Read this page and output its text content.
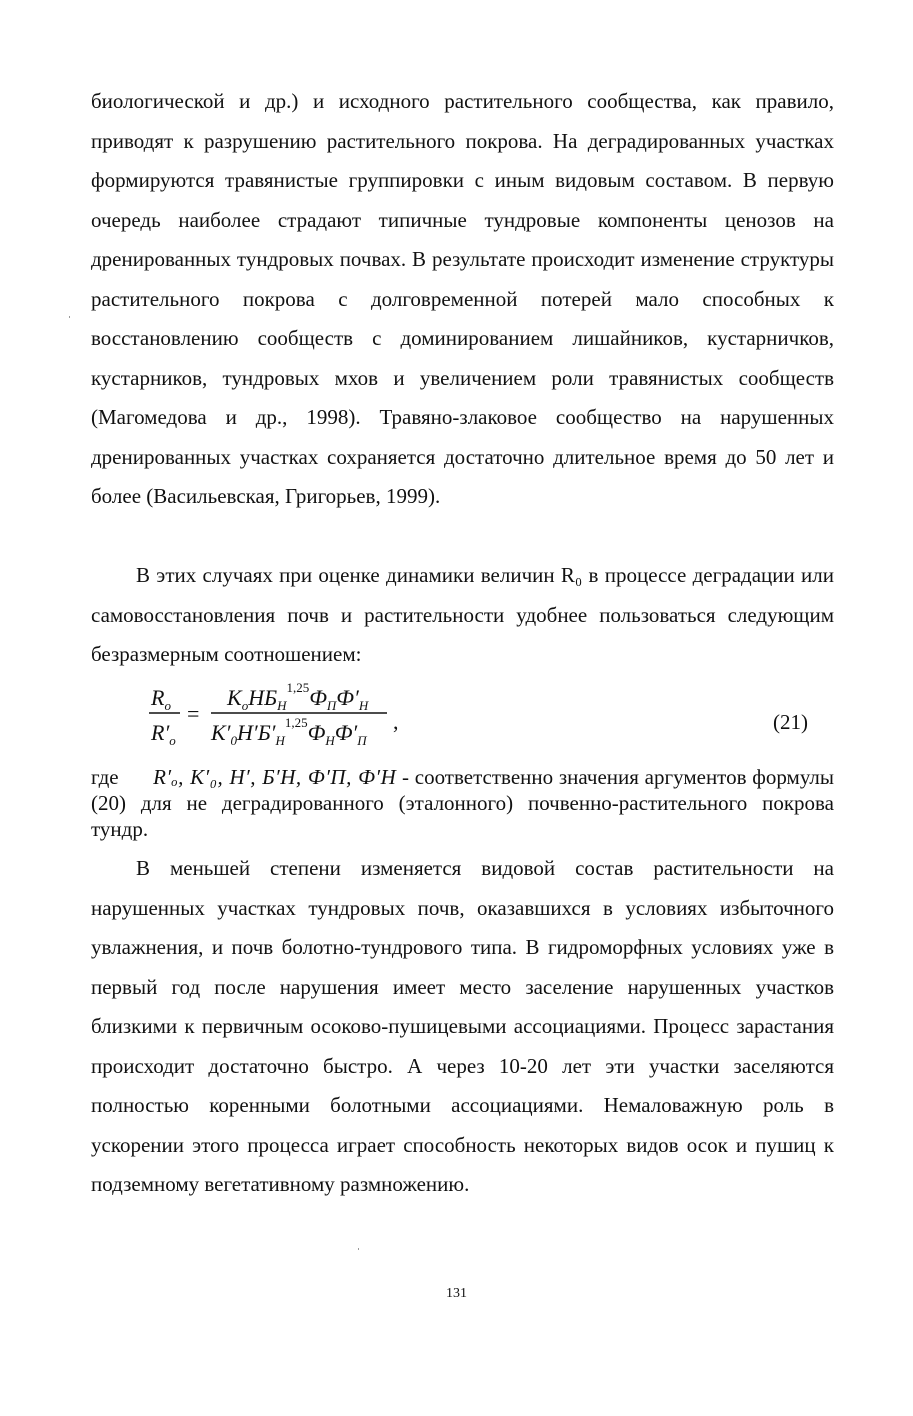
биологической и др.) и исходного растительного сообщества, как правило, приводят к разрушению растительного покрова. На деградированных участках формируются травянистые группировки с иным видовым составом. В первую очередь наиболее страдают типичные тундровые компоненты ценозов на дренированных тундровых почвах. В результате происходит изменение структуры растительного покрова с долговременной потерей мало способных к восстановлению сообществ с доминированием лишайников, кустарничков, кустарников, тундровых мхов и увеличением роли травянистых сообществ (Магомедова и др., 1998). Травяно-злаковое сообщество на нарушенных дренированных участках сохраняется достаточно длительное время до 50 лет и более (Васильевская, Григорьев, 1999).

В этих случаях при оценке динамики величин R₀ в процессе деградации или самовосстановления почв и растительности удобнее пользоваться следующим безразмерным соотношением:

$R_o$
$R'_o$
=
$K_oНБ_Н^{1,25}Ф_ПФ'_Н$
$K'_0Н'Б'_Н^{1,25}Ф_НФ'_П$
,	(21)

где R′ₒ, K′₀, H′, Б′Н, Ф′П, Ф′Н - соответственно значения аргументов формулы (20) для не деградированного (эталонного) почвенно-растительного покрова тундр.

В меньшей степени изменяется видовой состав растительности на нарушенных участках тундровых почв, оказавшихся в условиях избыточного увлажнения, и почв болотно-тундрового типа. В гидроморфных условиях уже в первый год после нарушения имеет место заселение нарушенных участков близкими к первичным осоково-пушицевыми ассоциациями. Процесс зарастания происходит достаточно быстро. А через 10-20 лет эти участки заселяются полностью коренными болотными ассоциациями. Немаловажную роль в ускорении этого процесса играет способность некоторых видов осок и пушиц к подземному вегетативному размножению.

131
